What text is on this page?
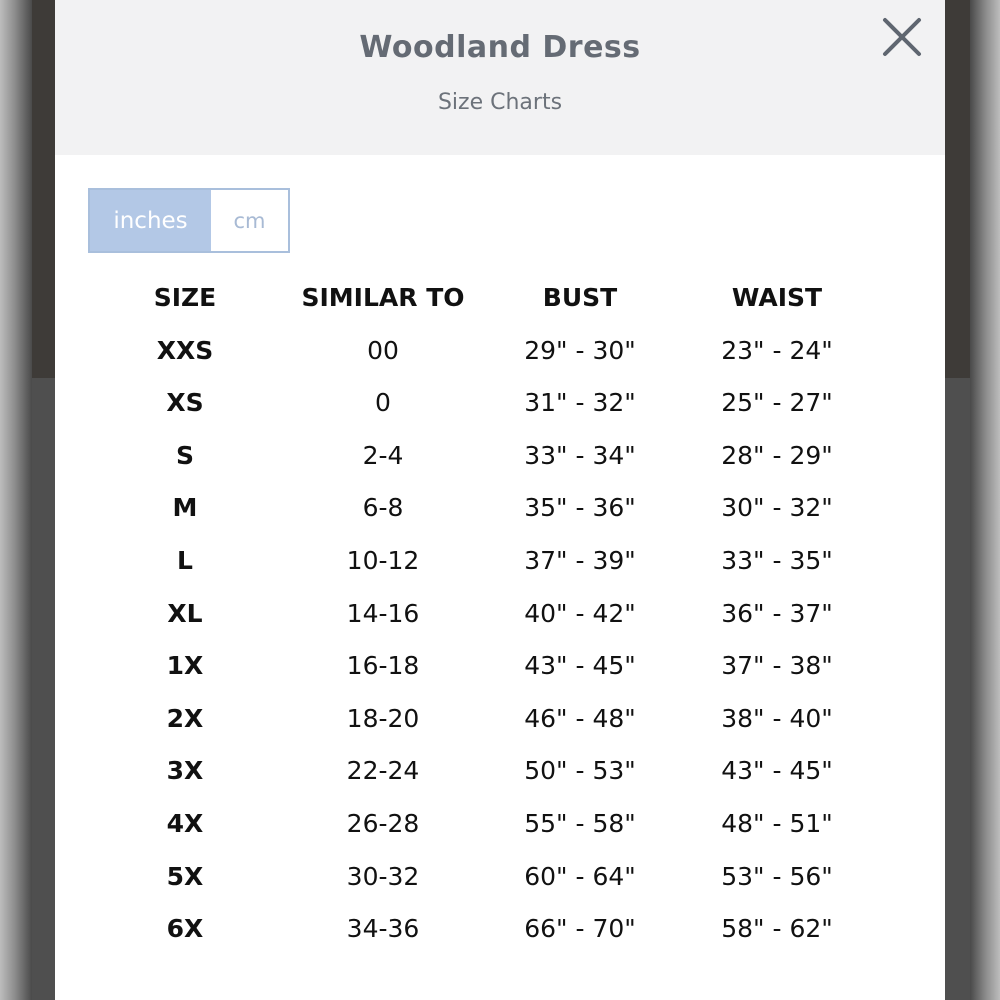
Woodland Dress
Size Charts
inches	cm
SIZE	SIMILAR TO	BUST	WAIST
XXS	00	29" - 30"	23" - 24"
XS	0	31" - 32"	25" - 27"
S	2-4	33" - 34"	28" - 29"
M	6-8	35" - 36"	30" - 32"
L	10-12	37" - 39"	33" - 35"
XL	14-16	40" - 42"	36" - 37"
1X	16-18	43" - 45"	37" - 38"
2X	18-20	46" - 48"	38" - 40"
3X	22-24	50" - 53"	43" - 45"
4X	26-28	55" - 58"	48" - 51"
5X	30-32	60" - 64"	53" - 56"
6X	34-36	66" - 70"	58" - 62"
